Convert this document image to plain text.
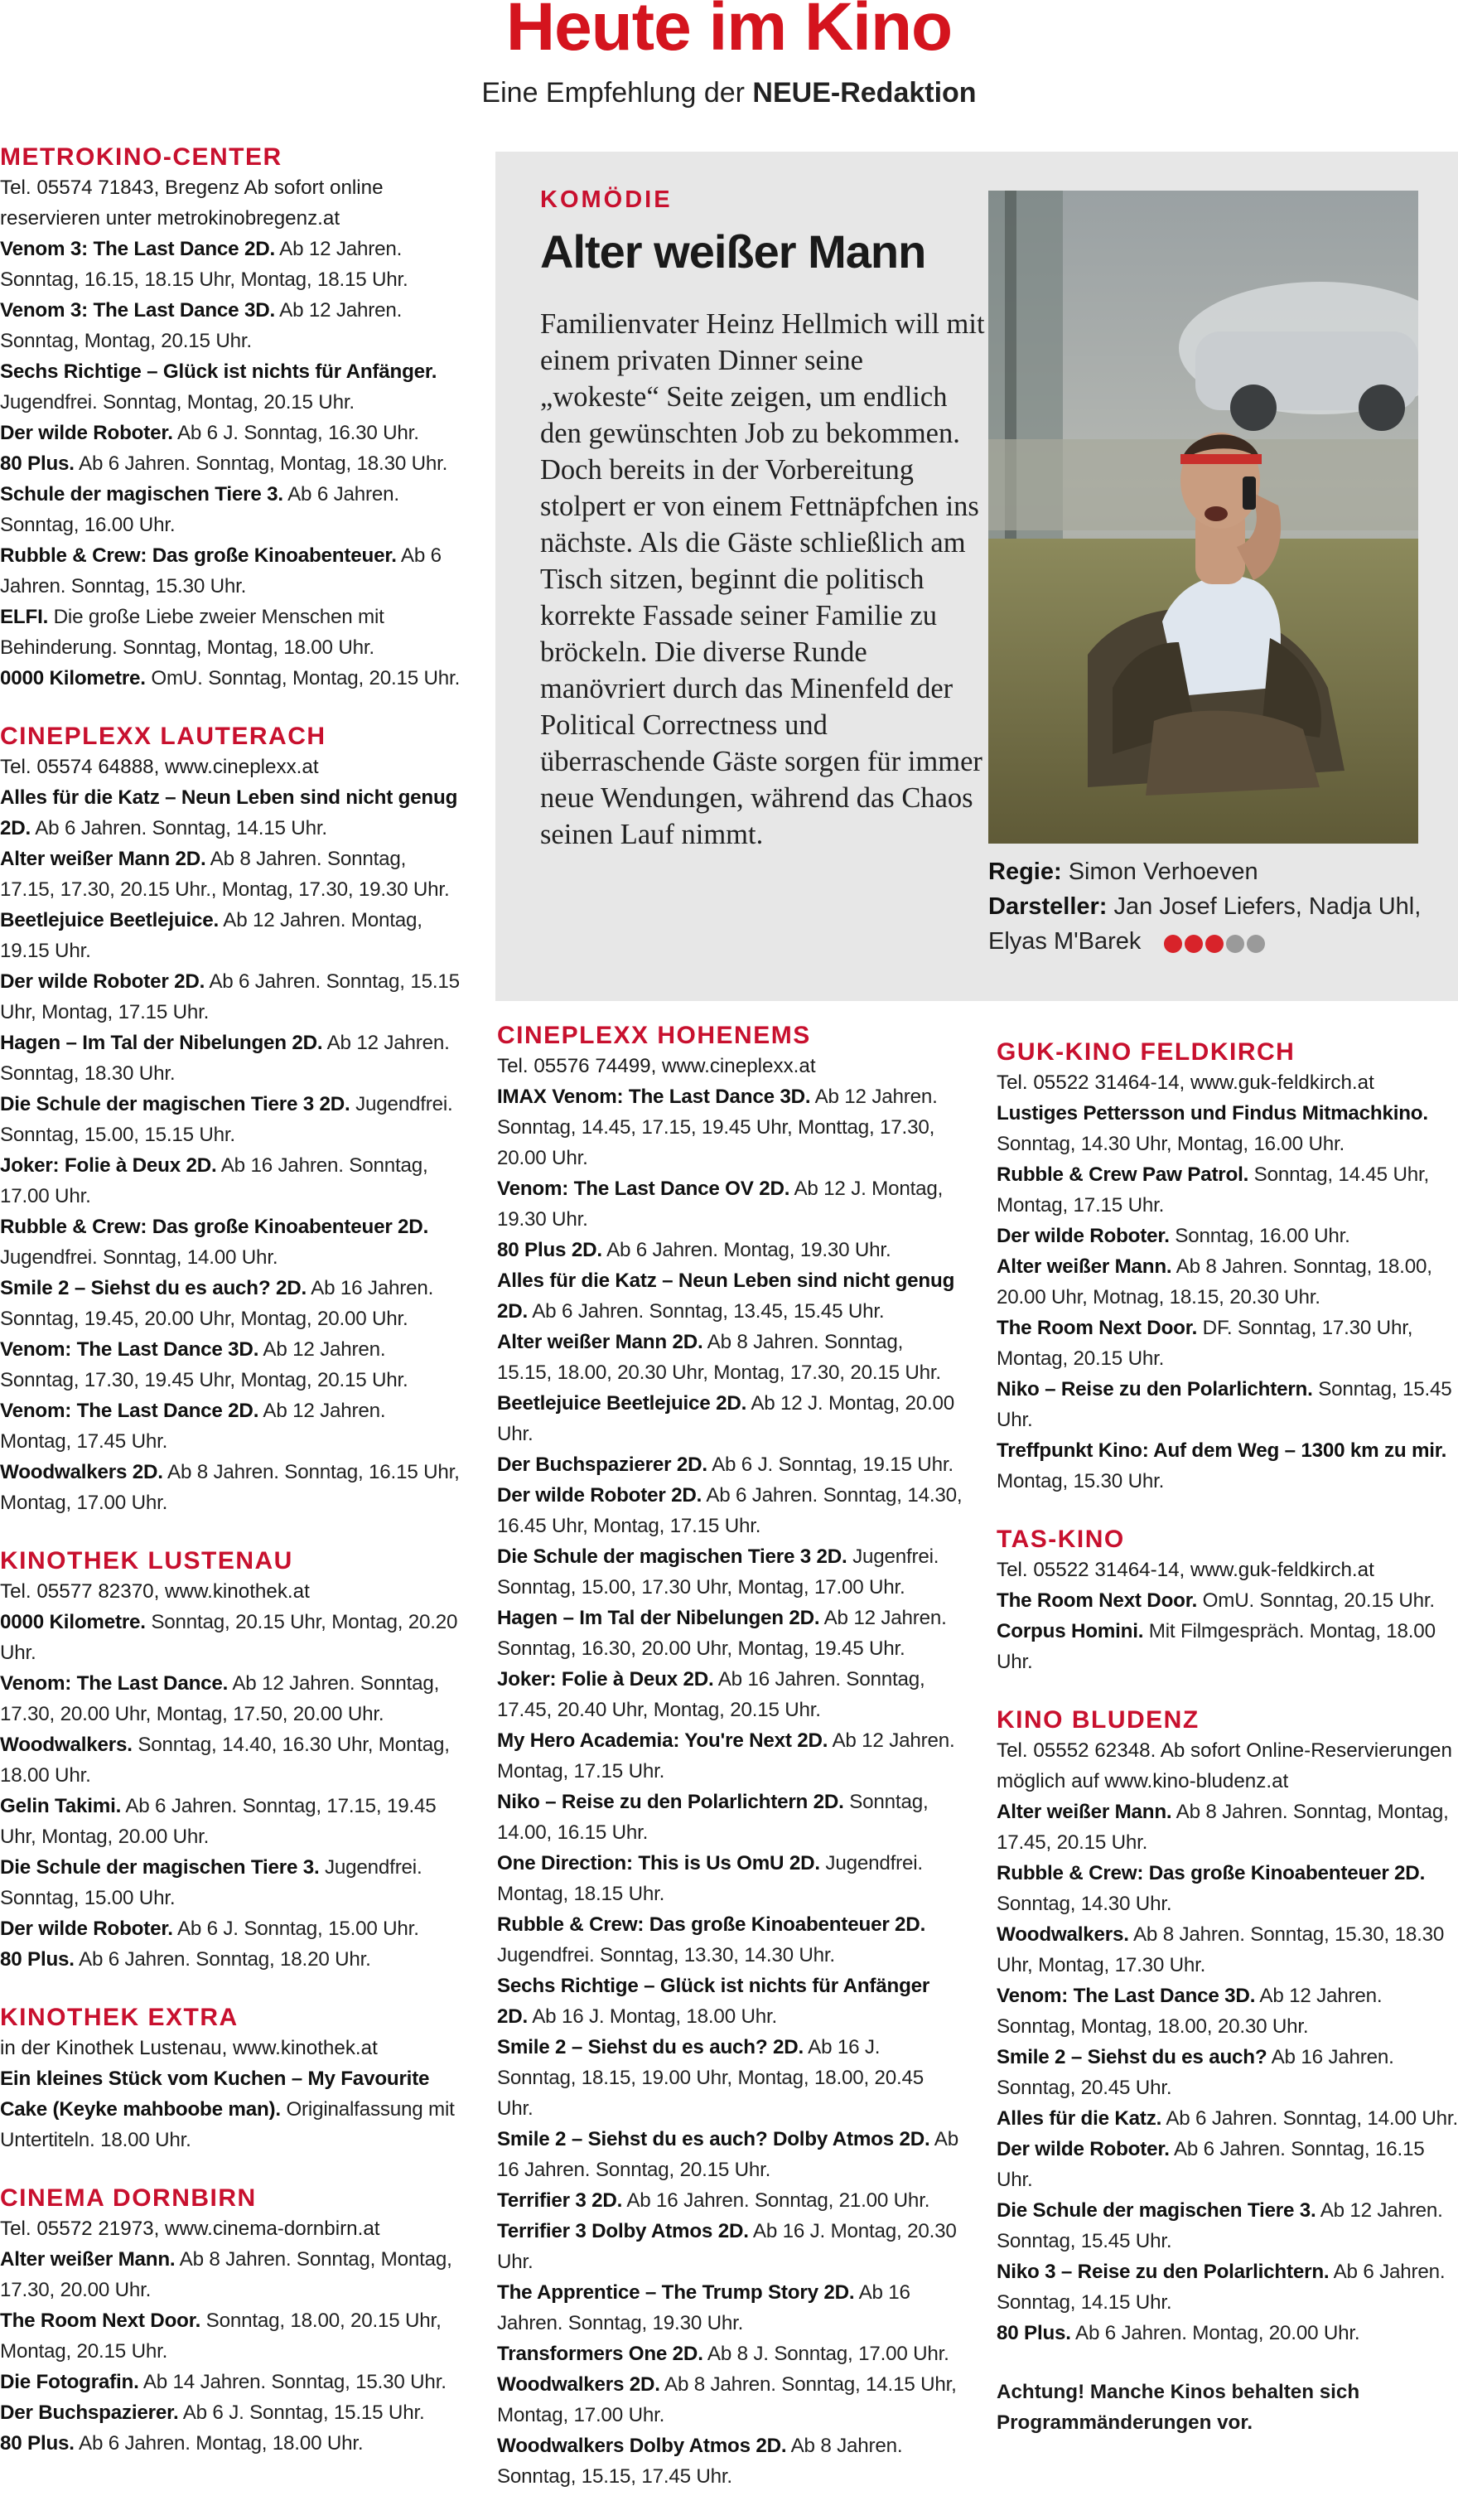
Heute im Kino
Eine Empfehlung der NEUE-Redaktion
METROKINO-CENTER
Tel. 05574 71843, Bregenz Ab sofort online reservieren unter metrokinobregenz.at
Venom 3: The Last Dance 2D. Ab 12 Jahren. Sonntag, 16.15, 18.15 Uhr, Montag, 18.15 Uhr.
Venom 3: The Last Dance 3D. Ab 12 Jahren. Sonntag, Montag, 20.15 Uhr.
Sechs Richtige – Glück ist nichts für Anfänger. Jugendfrei. Sonntag, Montag, 20.15 Uhr.
Der wilde Roboter. Ab 6 J. Sonntag, 16.30 Uhr.
80 Plus. Ab 6 Jahren. Sonntag, Montag, 18.30 Uhr.
Schule der magischen Tiere 3. Ab 6 Jahren. Sonntag, 16.00 Uhr.
Rubble & Crew: Das große Kinoabenteuer. Ab 6 Jahren. Sonntag, 15.30 Uhr.
ELFI. Die große Liebe zweier Menschen mit Behinderung. Sonntag, Montag, 18.00 Uhr.
0000 Kilometre. OmU. Sonntag, Montag, 20.15 Uhr.
CINEPLEXX LAUTERACH
Tel. 05574 64888, www.cineplexx.at
Alles für die Katz – Neun Leben sind nicht genug 2D. Ab 6 Jahren. Sonntag, 14.15 Uhr.
Alter weißer Mann 2D. Ab 8 Jahren. Sonntag, 17.15, 17.30, 20.15 Uhr., Montag, 17.30, 19.30 Uhr.
Beetlejuice Beetlejuice. Ab 12 Jahren. Montag, 19.15 Uhr.
Der wilde Roboter 2D. Ab 6 Jahren. Sonntag, 15.15 Uhr, Montag, 17.15 Uhr.
Hagen – Im Tal der Nibelungen 2D. Ab 12 Jahren. Sonntag, 18.30 Uhr.
Die Schule der magischen Tiere 3 2D. Jugendfrei. Sonntag, 15.00, 15.15 Uhr.
Joker: Folie à Deux 2D. Ab 16 Jahren. Sonntag, 17.00 Uhr.
Rubble & Crew: Das große Kinoabenteuer 2D. Jugendfrei. Sonntag, 14.00 Uhr.
Smile 2 – Siehst du es auch? 2D. Ab 16 Jahren. Sonntag, 19.45, 20.00 Uhr, Montag, 20.00 Uhr.
Venom: The Last Dance 3D. Ab 12 Jahren. Sonntag, 17.30, 19.45 Uhr, Montag, 20.15 Uhr.
Venom: The Last Dance 2D. Ab 12 Jahren. Montag, 17.45 Uhr.
Woodwalkers 2D. Ab 8 Jahren. Sonntag, 16.15 Uhr, Montag, 17.00 Uhr.
KINOTHEK LUSTENAU
Tel. 05577 82370, www.kinothek.at
0000 Kilometre. Sonntag, 20.15 Uhr, Montag, 20.20 Uhr.
Venom: The Last Dance. Ab 12 Jahren. Sonntag, 17.30, 20.00 Uhr, Montag, 17.50, 20.00 Uhr.
Woodwalkers. Sonntag, 14.40, 16.30 Uhr, Montag, 18.00 Uhr.
Gelin Takimi. Ab 6 Jahren. Sonntag, 17.15, 19.45 Uhr, Montag, 20.00 Uhr.
Die Schule der magischen Tiere 3. Jugendfrei. Sonntag, 15.00 Uhr.
Der wilde Roboter. Ab 6 J. Sonntag, 15.00 Uhr.
80 Plus. Ab 6 Jahren. Sonntag, 18.20 Uhr.
KINOTHEK EXTRA
in der Kinothek Lustenau, www.kinothek.at
Ein kleines Stück vom Kuchen – My Favourite Cake (Keyke mahboobe man). Originalfassung mit Untertiteln. 18.00 Uhr.
CINEMA DORNBIRN
Tel. 05572 21973, www.cinema-dornbirn.at
Alter weißer Mann. Ab 8 Jahren. Sonntag, Montag, 17.30, 20.00 Uhr.
The Room Next Door. Sonntag, 18.00, 20.15 Uhr, Montag, 20.15 Uhr.
Die Fotografin. Ab 14 Jahren. Sonntag, 15.30 Uhr.
Der Buchspazierer. Ab 6 J. Sonntag, 15.15 Uhr.
80 Plus. Ab 6 Jahren. Montag, 18.00 Uhr.
KOMÖDIE
Alter weißer Mann

Familienvater Heinz Hellmich will mit einem privaten Dinner seine „wokeste“ Seite zeigen, um endlich den gewünschten Job zu bekommen. Doch bereits in der Vorbereitung stolpert er von einem Fettnäpfchen ins nächste. Als die Gäste schließlich am Tisch sitzen, beginnt die politisch korrekte Fassade seiner Familie zu bröckeln. Die diverse Runde manövriert durch das Minenfeld der Political Correctness und überraschende Gäste sorgen für immer neue Wendungen, während das Chaos seinen Lauf nimmt.

Regie: Simon Verhoeven
Darsteller: Jan Josef Liefers, Nadja Uhl, Elyas M'Barek
CINEPLEXX HOHENEMS
Tel. 05576 74499, www.cineplexx.at
IMAX Venom: The Last Dance 3D. Ab 12 Jahren. Sonntag, 14.45, 17.15, 19.45 Uhr, Monttag, 17.30, 20.00 Uhr.
Venom: The Last Dance OV 2D. Ab 12 J. Montag, 19.30 Uhr.
80 Plus 2D. Ab 6 Jahren. Montag, 19.30 Uhr.
Alles für die Katz – Neun Leben sind nicht genug 2D. Ab 6 Jahren. Sonntag, 13.45, 15.45 Uhr.
Alter weißer Mann 2D. Ab 8 Jahren. Sonntag, 15.15, 18.00, 20.30 Uhr, Montag, 17.30, 20.15 Uhr.
Beetlejuice Beetlejuice 2D. Ab 12 J. Montag, 20.00 Uhr.
Der Buchspazierer 2D. Ab 6 J. Sonntag, 19.15 Uhr.
Der wilde Roboter 2D. Ab 6 Jahren. Sonntag, 14.30, 16.45 Uhr, Montag, 17.15 Uhr.
Die Schule der magischen Tiere 3 2D. Jugenfrei. Sonntag, 15.00, 17.30 Uhr, Montag, 17.00 Uhr.
Hagen – Im Tal der Nibelungen 2D. Ab 12 Jahren. Sonntag, 16.30, 20.00 Uhr, Montag, 19.45 Uhr.
Joker: Folie à Deux 2D. Ab 16 Jahren. Sonntag, 17.45, 20.40 Uhr, Montag, 20.15 Uhr.
My Hero Academia: You're Next 2D. Ab 12 Jahren. Montag, 17.15 Uhr.
Niko – Reise zu den Polarlichtern 2D. Sonntag, 14.00, 16.15 Uhr.
One Direction: This is Us OmU 2D. Jugendfrei. Montag, 18.15 Uhr.
Rubble & Crew: Das große Kinoabenteuer 2D. Jugendfrei. Sonntag, 13.30, 14.30 Uhr.
Sechs Richtige – Glück ist nichts für Anfänger 2D. Ab 16 J. Montag, 18.00 Uhr.
Smile 2 – Siehst du es auch? 2D. Ab 16 J. Sonntag, 18.15, 19.00 Uhr, Montag, 18.00, 20.45 Uhr.
Smile 2 – Siehst du es auch? Dolby Atmos 2D. Ab 16 Jahren. Sonntag, 20.15 Uhr.
Terrifier 3 2D. Ab 16 Jahren. Sonntag, 21.00 Uhr.
Terrifier 3 Dolby Atmos 2D. Ab 16 J. Montag, 20.30 Uhr.
The Apprentice – The Trump Story 2D. Ab 16 Jahren. Sonntag, 19.30 Uhr.
Transformers One 2D. Ab 8 J. Sonntag, 17.00 Uhr.
Woodwalkers 2D. Ab 8 Jahren. Sonntag, 14.15 Uhr, Montag, 17.00 Uhr.
Woodwalkers Dolby Atmos 2D. Ab 8 Jahren. Sonntag, 15.15, 17.45 Uhr.
GUK-KINO FELDKIRCH
Tel. 05522 31464-14, www.guk-feldkirch.at
Lustiges Pettersson und Findus Mitmachkino. Sonntag, 14.30 Uhr, Montag, 16.00 Uhr.
Rubble & Crew Paw Patrol. Sonntag, 14.45 Uhr, Montag, 17.15 Uhr.
Der wilde Roboter. Sonntag, 16.00 Uhr.
Alter weißer Mann. Ab 8 Jahren. Sonntag, 18.00, 20.00 Uhr, Motnag, 18.15, 20.30 Uhr.
The Room Next Door. DF. Sonntag, 17.30 Uhr, Montag, 20.15 Uhr.
Niko – Reise zu den Polarlichtern. Sonntag, 15.45 Uhr.
Treffpunkt Kino: Auf dem Weg – 1300 km zu mir. Montag, 15.30 Uhr.
TAS-KINO
Tel. 05522 31464-14, www.guk-feldkirch.at
The Room Next Door. OmU. Sonntag, 20.15 Uhr.
Corpus Homini. Mit Filmgespräch. Montag, 18.00 Uhr.
KINO BLUDENZ
Tel. 05552 62348. Ab sofort Online-Reservierungen möglich auf www.kino-bludenz.at
Alter weißer Mann. Ab 8 Jahren. Sonntag, Montag, 17.45, 20.15 Uhr.
Rubble & Crew: Das große Kinoabenteuer 2D. Sonntag, 14.30 Uhr.
Woodwalkers. Ab 8 Jahren. Sonntag, 15.30, 18.30 Uhr, Montag, 17.30 Uhr.
Venom: The Last Dance 3D. Ab 12 Jahren. Sonntag, Montag, 18.00, 20.30 Uhr.
Smile 2 – Siehst du es auch? Ab 16 Jahren. Sonntag, 20.45 Uhr.
Alles für die Katz. Ab 6 Jahren. Sonntag, 14.00 Uhr.
Der wilde Roboter. Ab 6 Jahren. Sonntag, 16.15 Uhr.
Die Schule der magischen Tiere 3. Ab 12 Jahren. Sonntag, 15.45 Uhr.
Niko 3 – Reise zu den Polarlichtern. Ab 6 Jahren. Sonntag, 14.15 Uhr.
80 Plus. Ab 6 Jahren. Montag, 20.00 Uhr.
Achtung! Manche Kinos behalten sich Programmänderungen vor.
